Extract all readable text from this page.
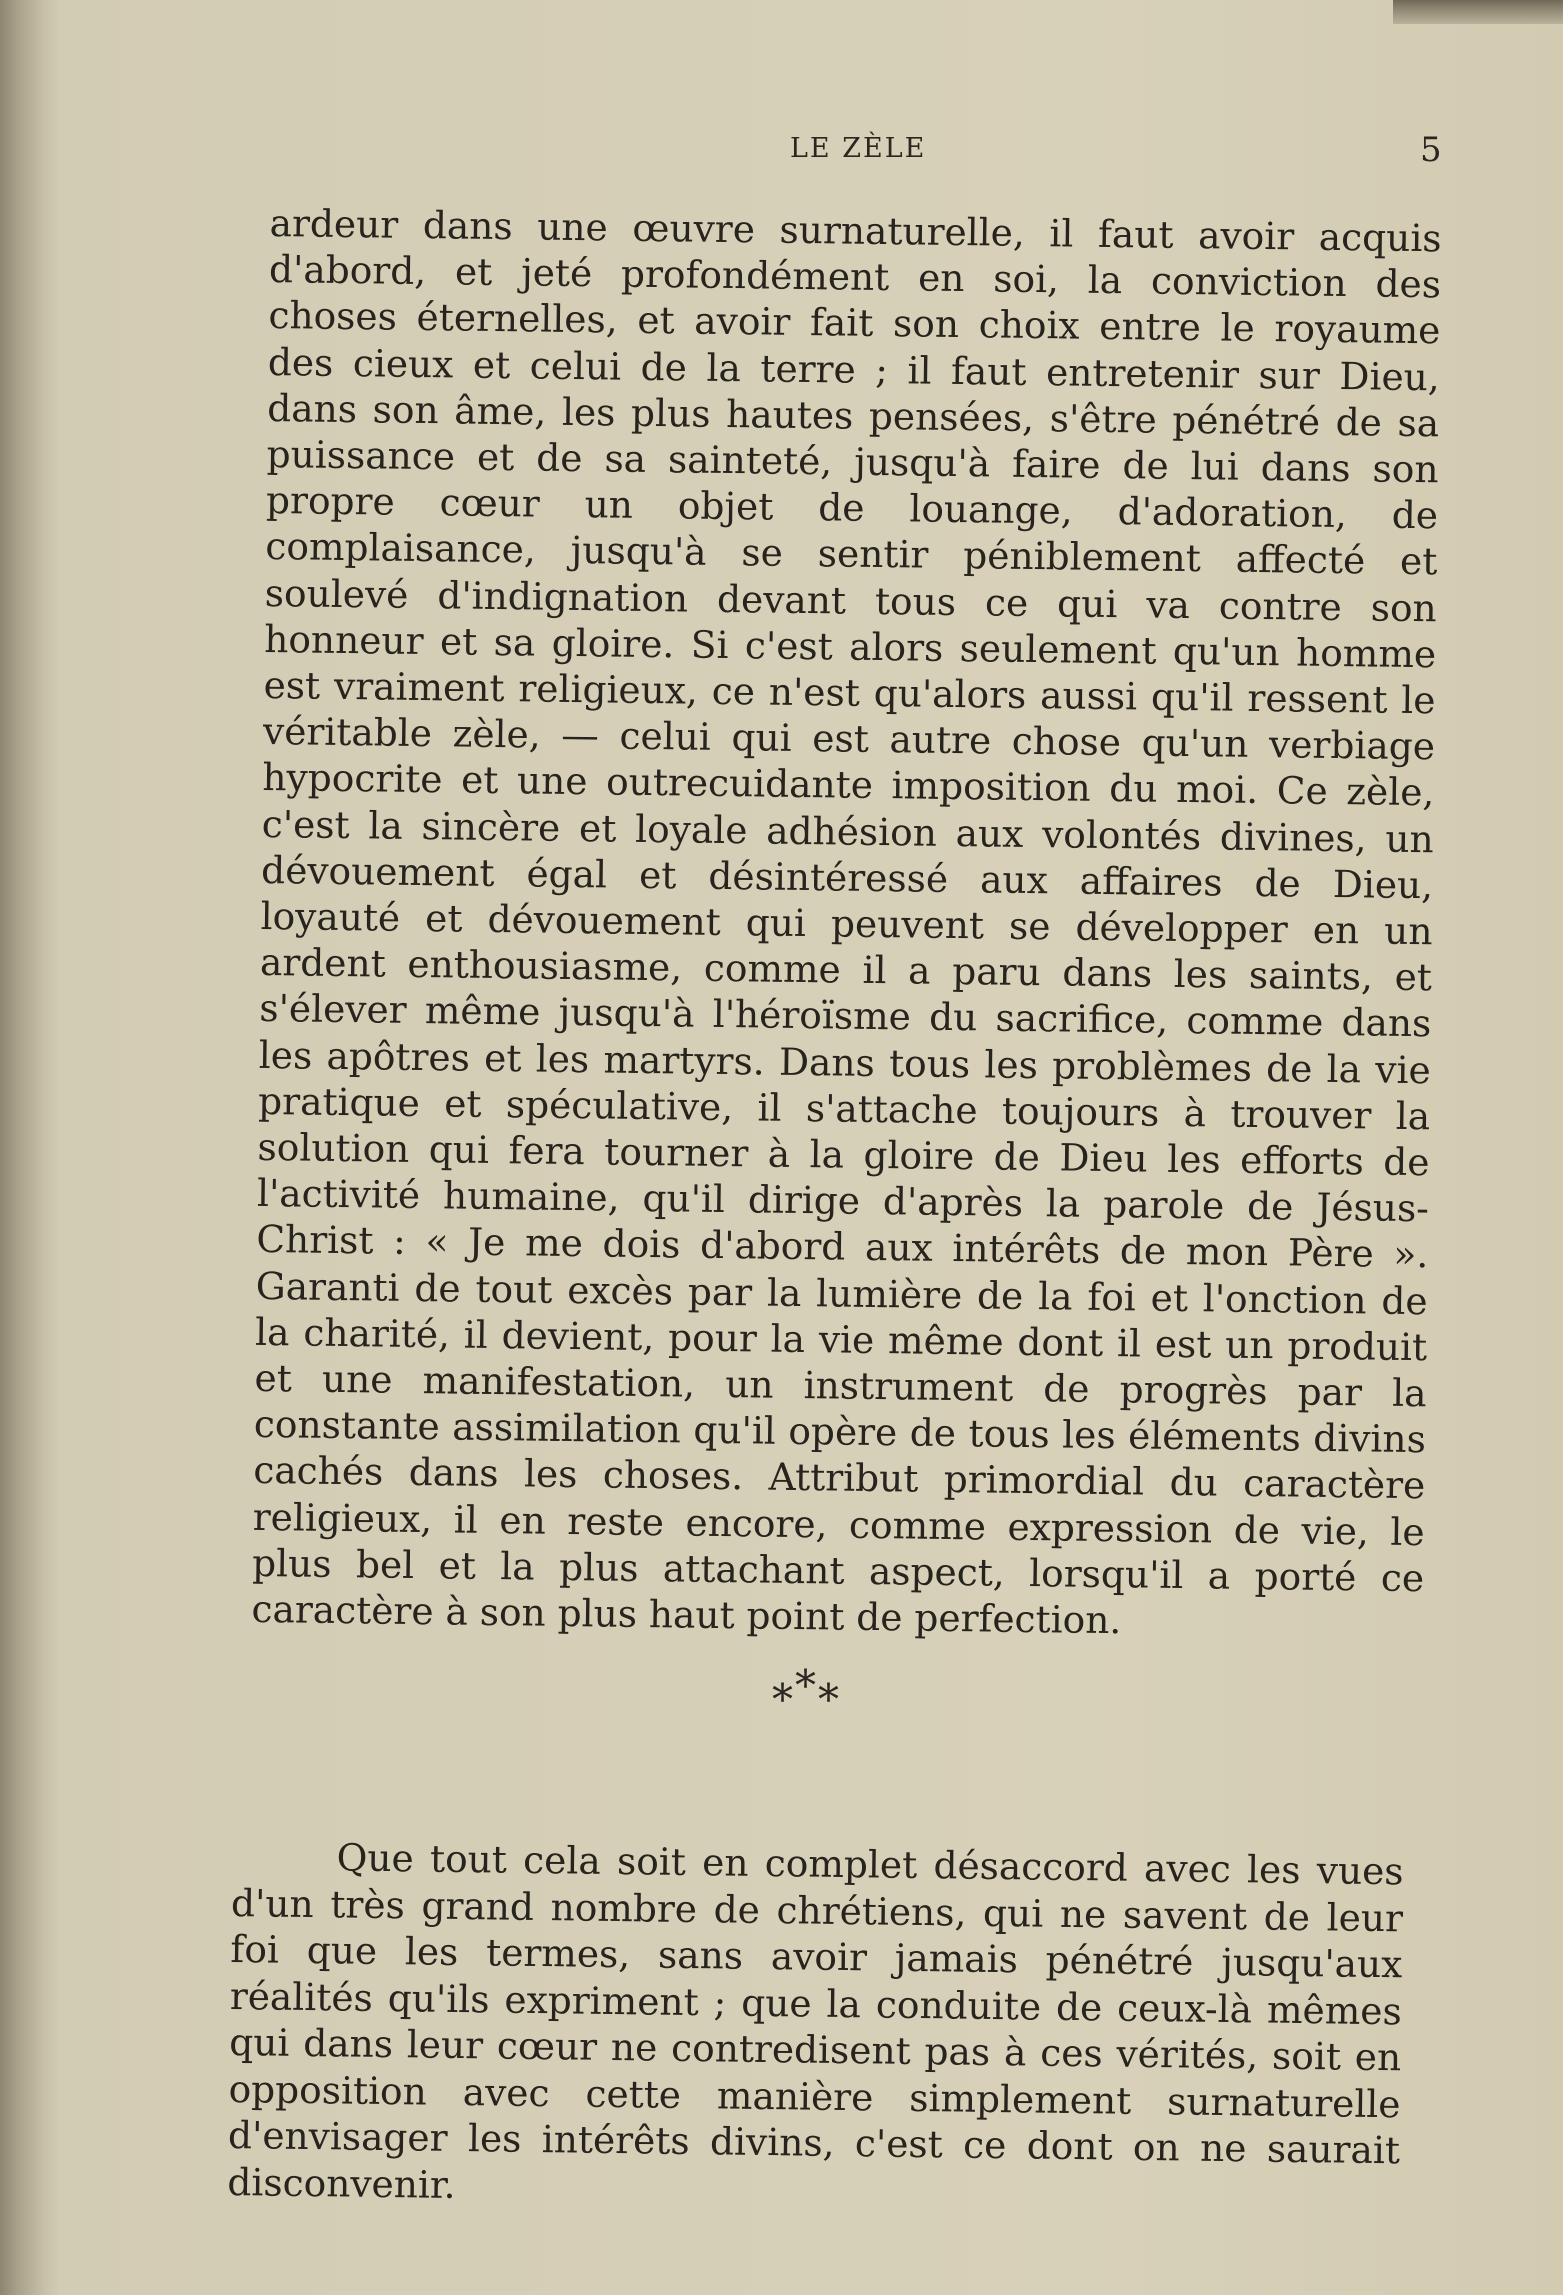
LE ZÈLE	5

ardeur dans une œuvre surnaturelle, il faut avoir acquis d'abord, et jeté profondément en soi, la conviction des choses éternelles, et avoir fait son choix entre le royaume des cieux et celui de la terre ; il faut entretenir sur Dieu, dans son âme, les plus hautes pensées, s'être pénétré de sa puissance et de sa sainteté, jusqu'à faire de lui dans son propre cœur un objet de louange, d'adoration, de complaisance, jusqu'à se sentir péniblement affecté et soulevé d'indignation devant tous ce qui va contre son honneur et sa gloire. Si c'est alors seulement qu'un homme est vraiment religieux, ce n'est qu'alors aussi qu'il ressent le véritable zèle, — celui qui est autre chose qu'un verbiage hypocrite et une outrecuidante imposition du moi. Ce zèle, c'est la sincère et loyale adhésion aux volontés divines, un dévouement égal et désintéressé aux affaires de Dieu, loyauté et dévouement qui peuvent se développer en un ardent enthousiasme, comme il a paru dans les saints, et s'élever même jusqu'à l'héroïsme du sacrifice, comme dans les apôtres et les martyrs. Dans tous les problèmes de la vie pratique et spéculative, il s'attache toujours à trouver la solution qui fera tourner à la gloire de Dieu les efforts de l'activité humaine, qu'il dirige d'après la parole de Jésus-Christ : « Je me dois d'abord aux intérêts de mon Père ». Garanti de tout excès par la lumière de la foi et l'onction de la charité, il devient, pour la vie même dont il est un produit et une manifestation, un instrument de progrès par la constante assimilation qu'il opère de tous les éléments divins cachés dans les choses. Attribut primordial du caractère religieux, il en reste encore, comme expression de vie, le plus bel et la plus attachant aspect, lorsqu'il a porté ce caractère à son plus haut point de perfection.

***

Que tout cela soit en complet désaccord avec les vues d'un très grand nombre de chrétiens, qui ne savent de leur foi que les termes, sans avoir jamais pénétré jusqu'aux réalités qu'ils expriment ; que la conduite de ceux-là mêmes qui dans leur cœur ne contredisent pas à ces vérités, soit en opposition avec cette manière simplement surnaturelle d'envisager les intérêts divins, c'est ce dont on ne saurait disconvenir.
